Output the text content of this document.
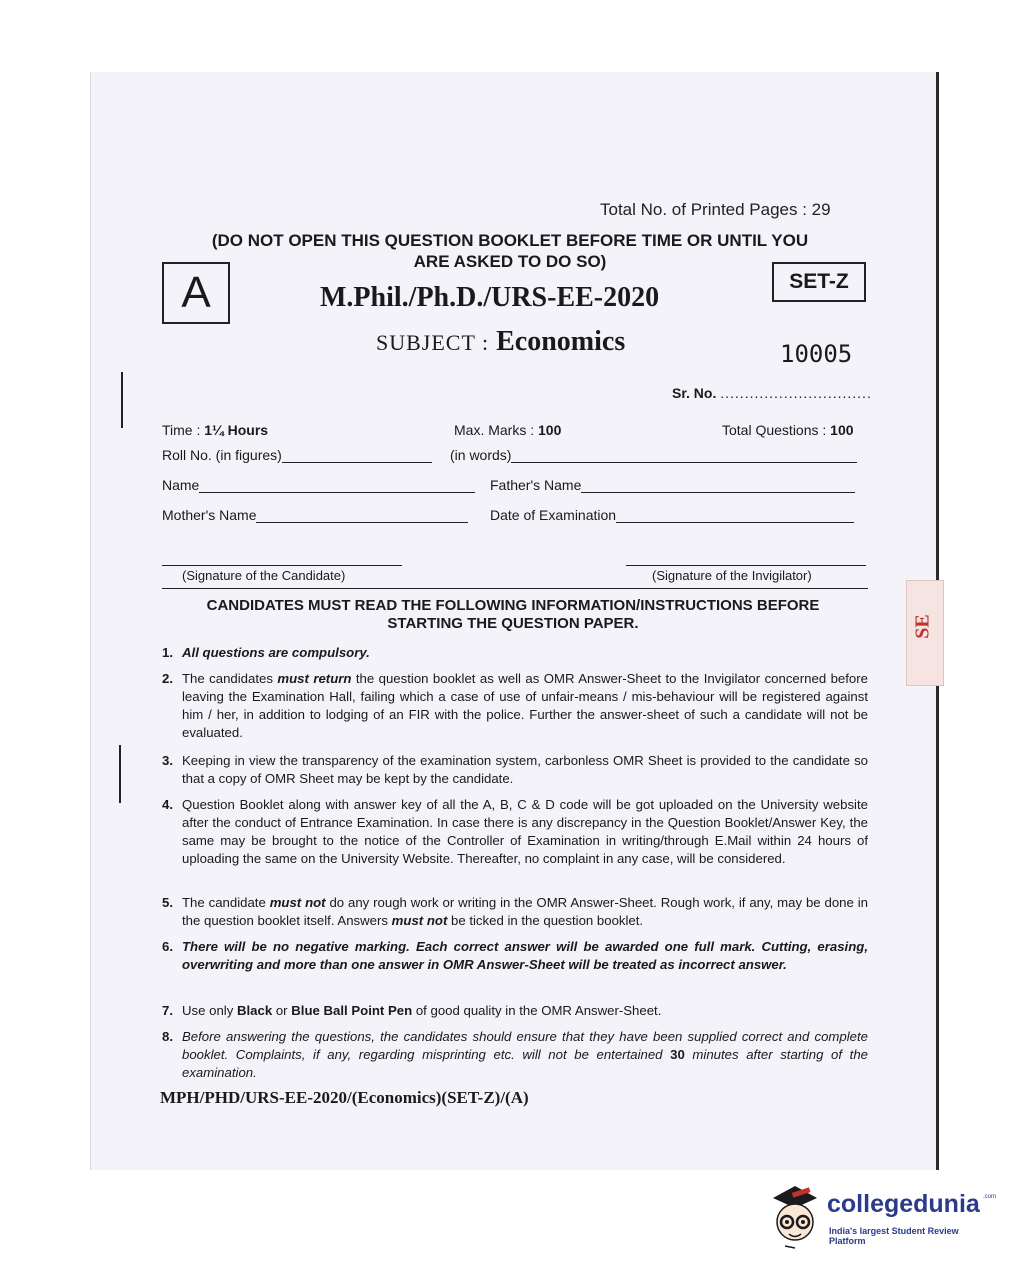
SE
Total No. of Printed Pages : 29
(DO NOT OPEN THIS QUESTION BOOKLET BEFORE TIME OR UNTIL YOU
ARE ASKED TO DO SO)
A	SET-Z
M.Phil./Ph.D./URS-EE-2020
SUBJECT : Economics	10005
Sr. No. ...............................
Time : 1¼ Hours	Max. Marks : 100	Total Questions : 100
Roll No. (in figures)	(in words)
Name	Father's Name
Mother's Name	Date of Examination
(Signature of the Candidate)	(Signature of the Invigilator)
CANDIDATES MUST READ THE FOLLOWING INFORMATION/INSTRUCTIONS BEFORE
STARTING THE QUESTION PAPER.
1. All questions are compulsory.
2. The candidates must return the question booklet as well as OMR Answer-Sheet to the Invigilator concerned before leaving the Examination Hall, failing which a case of use of unfair-means / mis-behaviour will be registered against him / her, in addition to lodging of an FIR with the police. Further the answer-sheet of such a candidate will not be evaluated.
3. Keeping in view the transparency of the examination system, carbonless OMR Sheet is provided to the candidate so that a copy of OMR Sheet may be kept by the candidate.
4. Question Booklet along with answer key of all the A, B, C & D code will be got uploaded on the University website after the conduct of Entrance Examination. In case there is any discrepancy in the Question Booklet/Answer Key, the same may be brought to the notice of the Controller of Examination in writing/through E.Mail within 24 hours of uploading the same on the University Website. Thereafter, no complaint in any case, will be considered.
5. The candidate must not do any rough work or writing in the OMR Answer-Sheet. Rough work, if any, may be done in the question booklet itself. Answers must not be ticked in the question booklet.
6. There will be no negative marking. Each correct answer will be awarded one full mark. Cutting, erasing, overwriting and more than one answer in OMR Answer-Sheet will be treated as incorrect answer.
7. Use only Black or Blue Ball Point Pen of good quality in the OMR Answer-Sheet.
8. Before answering the questions, the candidates should ensure that they have been supplied correct and complete booklet. Complaints, if any, regarding misprinting etc. will not be entertained 30 minutes after starting of the examination.
MPH/PHD/URS-EE-2020/(Economics)(SET-Z)/(A)
collegedunia .com
India's largest Student Review Platform
